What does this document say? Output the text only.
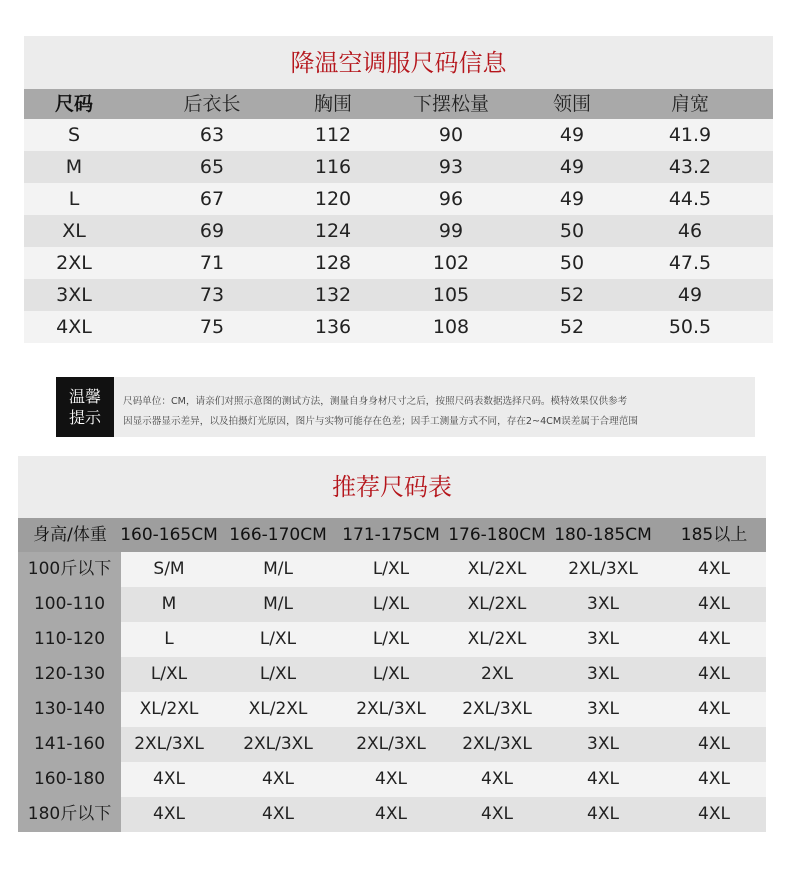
降温空调服尺码信息
尺码	后衣长	胸围	下摆松量	领围	肩宽
S	63	112	90	49	41.9
M	65	116	93	49	43.2
L	67	120	96	49	44.5
XL	69	124	99	50	46
2XL	71	128	102	50	47.5
3XL	73	132	105	52	49
4XL	75	136	108	52	50.5
温馨
提示
尺码单位：CM，请亲们对照示意图的测试方法，测量自身身材尺寸之后，按照尺码表数据选择尺码。模特效果仅供参考
因显示器显示差异，以及拍摄灯光原因，图片与实物可能存在色差；因手工测量方式不同，存在2~4CM误差属于合理范围
推荐尺码表
身高/体重 160-165CM 166-170CM 171-175CM 176-180CM 180-185CM	185以上
100斤以下	S/M	M/L	L/XL	XL/2XL	2XL/3XL	4XL
100-110	M	M/L	L/XL	XL/2XL	3XL	4XL
110-120	L	L/XL	L/XL	XL/2XL	3XL	4XL
120-130	L/XL	L/XL	L/XL	2XL	3XL	4XL
130-140	XL/2XL	XL/2XL	2XL/3XL	2XL/3XL	3XL	4XL
141-160	2XL/3XL	2XL/3XL	2XL/3XL	2XL/3XL	3XL	4XL
160-180	4XL	4XL	4XL	4XL	4XL	4XL
180斤以下	4XL	4XL	4XL	4XL	4XL	4XL
